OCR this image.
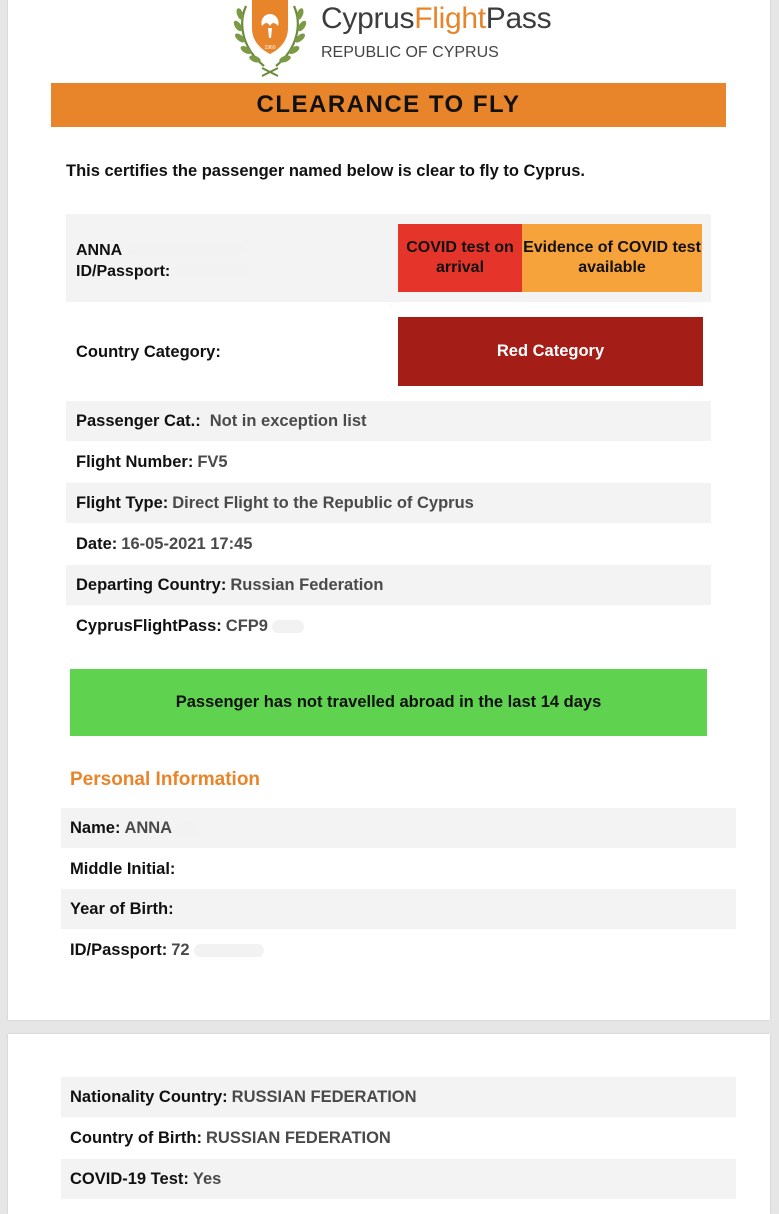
1960
CyprusFlightPass
REPUBLIC OF CYPRUS
CLEARANCE TO FLY
This certifies the passenger named below is clear to fly to Cyprus.
ANNA
ID/Passport:
COVID test on arrival
Evidence of COVID test available
Country Category:	Red Category
Passenger Cat.: Not in exception list
Flight Number: FV5
Flight Type: Direct Flight to the Republic of Cyprus
Date: 16-05-2021 17:45
Departing Country: Russian Federation
CyprusFlightPass: CFP9
Passenger has not travelled abroad in the last 14 days
Personal Information
Name: ANNA
Middle Initial:
Year of Birth:
ID/Passport: 72
Nationality Country: RUSSIAN FEDERATION
Country of Birth: RUSSIAN FEDERATION
COVID-19 Test: Yes
